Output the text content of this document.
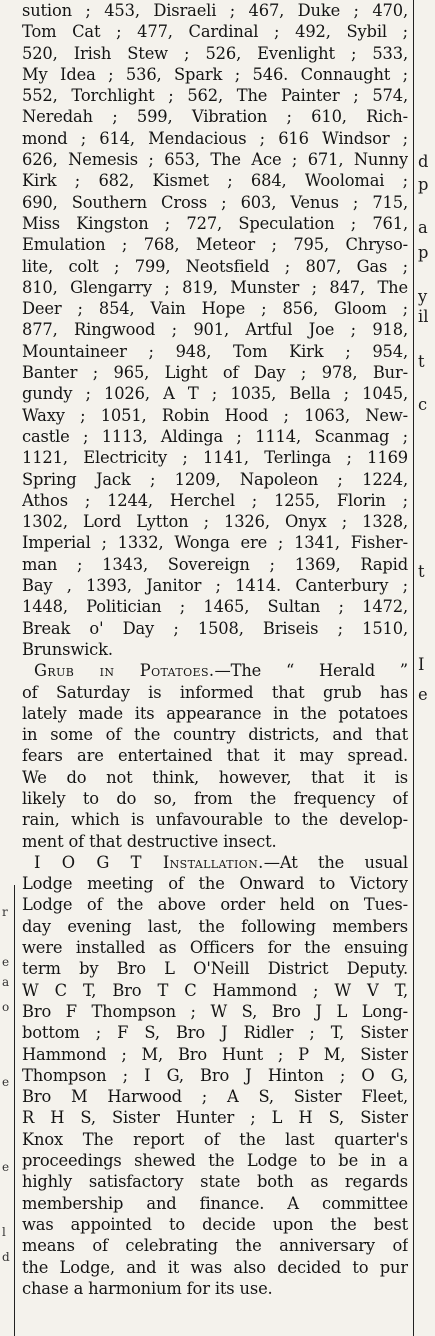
sution ; 453, Disraeli ; 467, Duke ; 470,
Tom Cat ; 477, Cardinal ; 492, Sybil ;
520, Irish Stew ; 526, Evenlight ; 533,
My Idea ; 536, Spark ; 546. Connaught ;
552, Torchlight ; 562, The Painter ; 574,
Neredah ; 599, Vibration ; 610, Rich-
mond ; 614, Mendacious ; 616 Windsor ;
626, Nemesis ; 653, The Ace ; 671, Nunny
Kirk ; 682, Kismet ; 684, Woolomai ;
690, Southern Cross ; 603, Venus ; 715,
Miss Kingston ; 727, Speculation ; 761,
Emulation ; 768, Meteor ; 795, Chryso-
lite, colt ; 799, Neotsfield ; 807, Gas ;
810, Glengarry ; 819, Munster ; 847, The
Deer ; 854, Vain Hope ; 856, Gloom ;
877, Ringwood ; 901, Artful Joe ; 918,
Mountaineer ; 948, Tom Kirk ; 954,
Banter ; 965, Light of Day ; 978, Bur-
gundy ; 1026, A T ; 1035, Bella ; 1045,
Waxy ; 1051, Robin Hood ; 1063, New-
castle ; 1113, Aldinga ; 1114, Scanmag ;
1121, Electricity ; 1141, Terlinga ; 1169
Spring Jack ; 1209, Napoleon ; 1224,
Athos ; 1244, Herchel ; 1255, Florin ;
1302, Lord Lytton ; 1326, Onyx ; 1328,
Imperial ; 1332, Wonga ere ; 1341, Fisher-
man ; 1343, Sovereign ; 1369, Rapid
Bay , 1393, Janitor ; 1414. Canterbury ;
1448, Politician ; 1465, Sultan ; 1472,
Break o' Day ; 1508, Briseis ; 1510,
Brunswick.
Grub in Potatoes.—The “ Herald ”
of Saturday is informed that grub has
lately made its appearance in the potatoes
in some of the country districts, and that
fears are entertained that it may spread.
We do not think, however, that it is
likely to do so, from the frequency of
rain, which is unfavourable to the develop-
ment of that destructive insect.
I O G T Installation.—At the usual
Lodge meeting of the Onward to Victory
Lodge of the above order held on Tues-
day evening last, the following members
were installed as Officers for the ensuing
term by Bro L O'Neill District Deputy.
W C T, Bro T C Hammond ; W V T,
Bro F Thompson ; W S, Bro J L Long-
bottom ; F S, Bro J Ridler ; T, Sister
Hammond ; M, Bro Hunt ; P M, Sister
Thompson ; I G, Bro J Hinton ; O G,
Bro M Harwood ; A S, Sister Fleet,
R H S, Sister Hunter ; L H S, Sister
Knox The report of the last quarter's
proceedings shewed the Lodge to be in a
highly satisfactory state both as regards
membership and finance. A committee
was appointed to decide upon the best
means of celebrating the anniversary of
the Lodge, and it was also decided to pur
chase a harmonium for its use.
d
p
a
p
y
il
t
c
t
I
e
r
e
a
o
e
e
l
d
